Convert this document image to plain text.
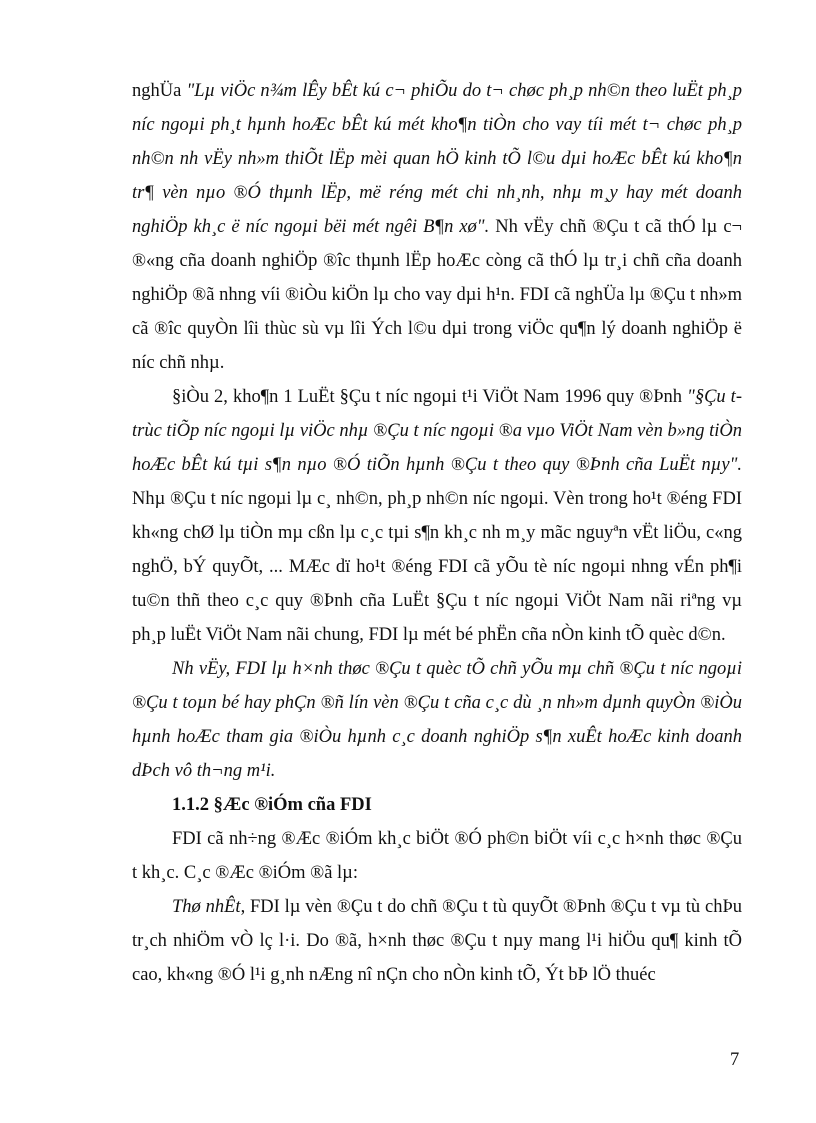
nghÜa "Lµ viÖc n¾m lÊy bÊt kú c¬ phiÕu do t¬ chøc ph¸p nh©n theo luËt ph¸p níc ngoµi ph¸t hµnh hoÆc bÊt kú mét kho¶n tiÒn cho vay tíi mét t¬ chøc ph¸p nh©n nh vËy nh»m thiÕt lËp mèi quan hÖ kinh tÕ l©u dµi hoÆc bÊt kú kho¶n tr¶ vèn nµo ®Ó thµnh lËp, më réng mét chi nh¸nh, nhµ m¸y hay mét doanh nghiÖp kh¸c ë níc ngoµi bëi mét ngêi B¶n xø". Nh vËy chñ ®Çu t cã thÓ lµ c¬ ®«ng cña doanh nghiÖp ®îc thµnh lËp hoÆc còng cã thÓ lµ tr¸i chñ cña doanh nghiÖp ®ã nhng víi ®iÒu kiÖn lµ cho vay dµi h¹n. FDI cã nghÜa lµ ®Çu t nh»m cã ®îc quyÒn lîi thùc sù vµ lîi Ých l©u dµi trong viÖc qu¶n lý doanh nghiÖp ë níc chñ nhµ.

§iÒu 2, kho¶n 1 LuËt §Çu t níc ngoµi t¹i ViÖt Nam 1996 quy ®Þnh "§Çu t trùc tiÕp níc ngoµi lµ viÖc nhµ ®Çu t níc ngoµi ®a vµo ViÖt Nam vèn b»ng tiÒn hoÆc bÊt kú tµi s¶n nµo ®Ó tiÕn hµnh ®Çu t theo quy ®Þnh cña LuËt nµy". Nhµ ®Çu t níc ngoµi lµ c¸ nh©n, ph¸p nh©n níc ngoµi. Vèn trong ho¹t ®éng FDI kh«ng chØ lµ tiÒn mµ cßn lµ c¸c tµi s¶n kh¸c nh m¸y mãc nguyªn vËt liÖu, c«ng nghÖ, bÝ quyÕt, ... MÆc dï ho¹t ®éng FDI cã yÕu tè níc ngoµi nhng vÉn ph¶i tu©n thñ theo c¸c quy ®Þnh cña LuËt §Çu t níc ngoµi ViÖt Nam nãi riªng vµ ph¸p luËt ViÖt Nam nãi chung, FDI lµ mét bé phËn cña nÒn kinh tÕ quèc d©n.

Nh vËy, FDI lµ h×nh thøc ®Çu t quèc tÕ chñ yÕu mµ chñ ®Çu t níc ngoµi ®Çu t toµn bé hay phÇn ®ñ lín vèn ®Çu t cña c¸c dù ¸n nh»m dµnh quyÒn ®iÒu hµnh hoÆc tham gia ®iÒu hµnh c¸c doanh nghiÖp s¶n xuÊt hoÆc kinh doanh dÞch vô th¬ng m¹i.

1.1.2 §Æc ®iÓm cña FDI

FDI cã nh÷ng ®Æc ®iÓm kh¸c biÖt ®Ó ph©n biÖt víi c¸c h×nh thøc ®Çu t kh¸c. C¸c ®Æc ®iÓm ®ã lµ:

Thø nhÊt, FDI lµ vèn ®Çu t do chñ ®Çu t tù quyÕt ®Þnh ®Çu t vµ tù chÞu tr¸ch nhiÖm vÒ lç l·i. Do ®ã, h×nh thøc ®Çu t nµy mang l¹i hiÖu qu¶ kinh tÕ cao, kh«ng ®Ó l¹i g¸nh nÆng nî nÇn cho nÒn kinh tÕ, Ýt bÞ lÖ thuéc

7
